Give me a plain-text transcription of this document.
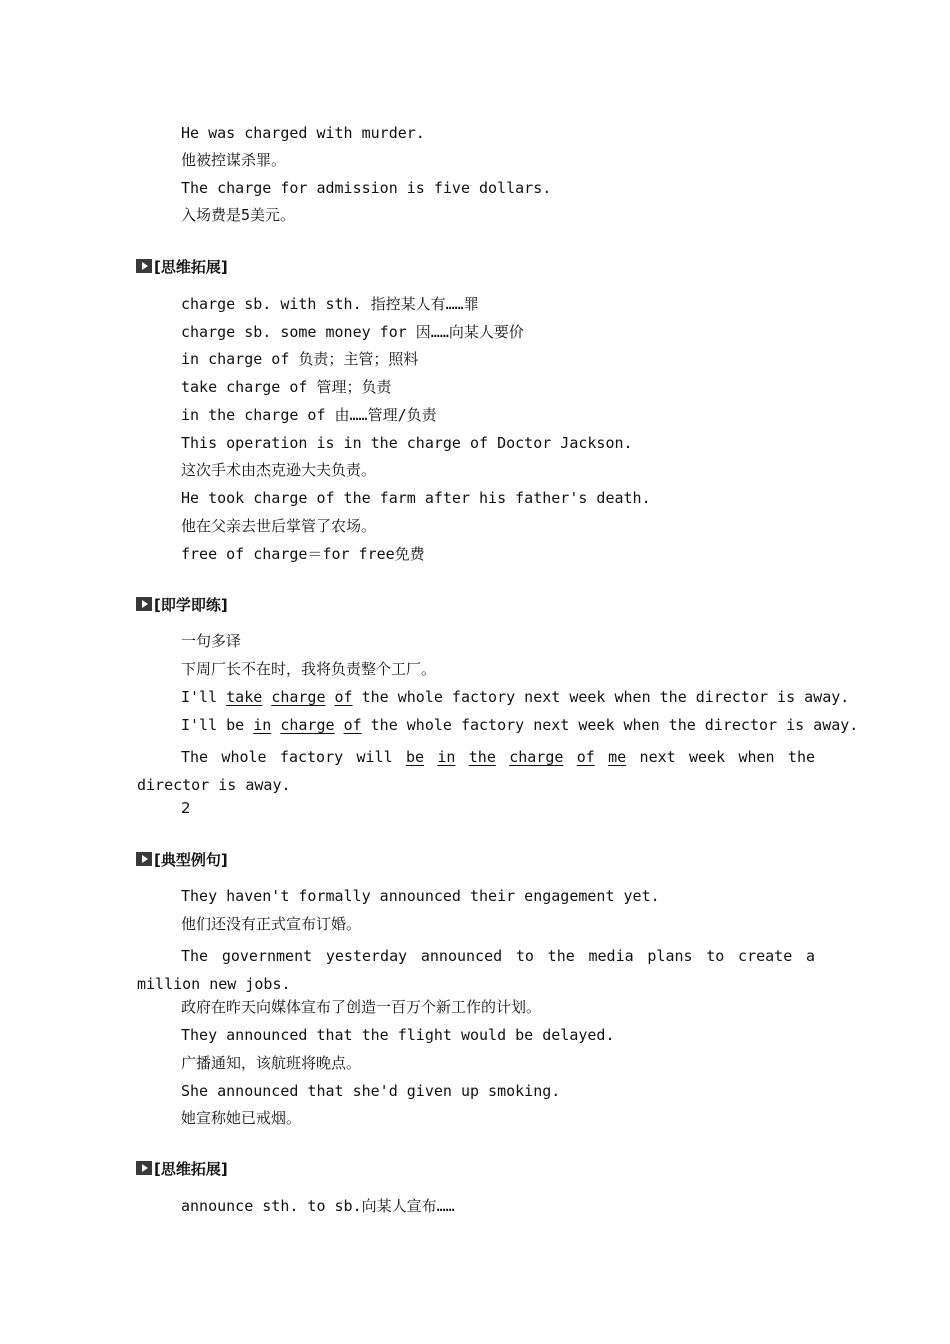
He was charged with murder.
他被控谋杀罪。
The charge for admission is five dollars.
入场费是5美元。
[思维拓展]
charge sb. with sth. 指控某人有……罪
charge sb. some money for 因……向某人要价
in charge of 负责；主管；照料
take charge of 管理；负责
in the charge of 由……管理/负责
This operation is in the charge of Doctor Jackson.
这次手术由杰克逊大夫负责。
He took charge of the farm after his father's death.
他在父亲去世后掌管了农场。
free of charge＝for free免费
[即学即练]
一句多译
下周厂长不在时，我将负责整个工厂。
I'll take charge of the whole factory next week when the director is away.
I'll be in charge of the whole factory next week when the director is away.
The whole factory will be in the charge of me next week when the director is away.
2
[典型例句]
They haven't formally announced their engagement yet.
他们还没有正式宣布订婚。
The government yesterday announced to the media plans to create a million new jobs.
政府在昨天向媒体宣布了创造一百万个新工作的计划。
They announced that the flight would be delayed.
广播通知，该航班将晚点。
She announced that she'd given up smoking.
她宣称她已戒烟。
[思维拓展]
announce sth. to sb.向某人宣布……
